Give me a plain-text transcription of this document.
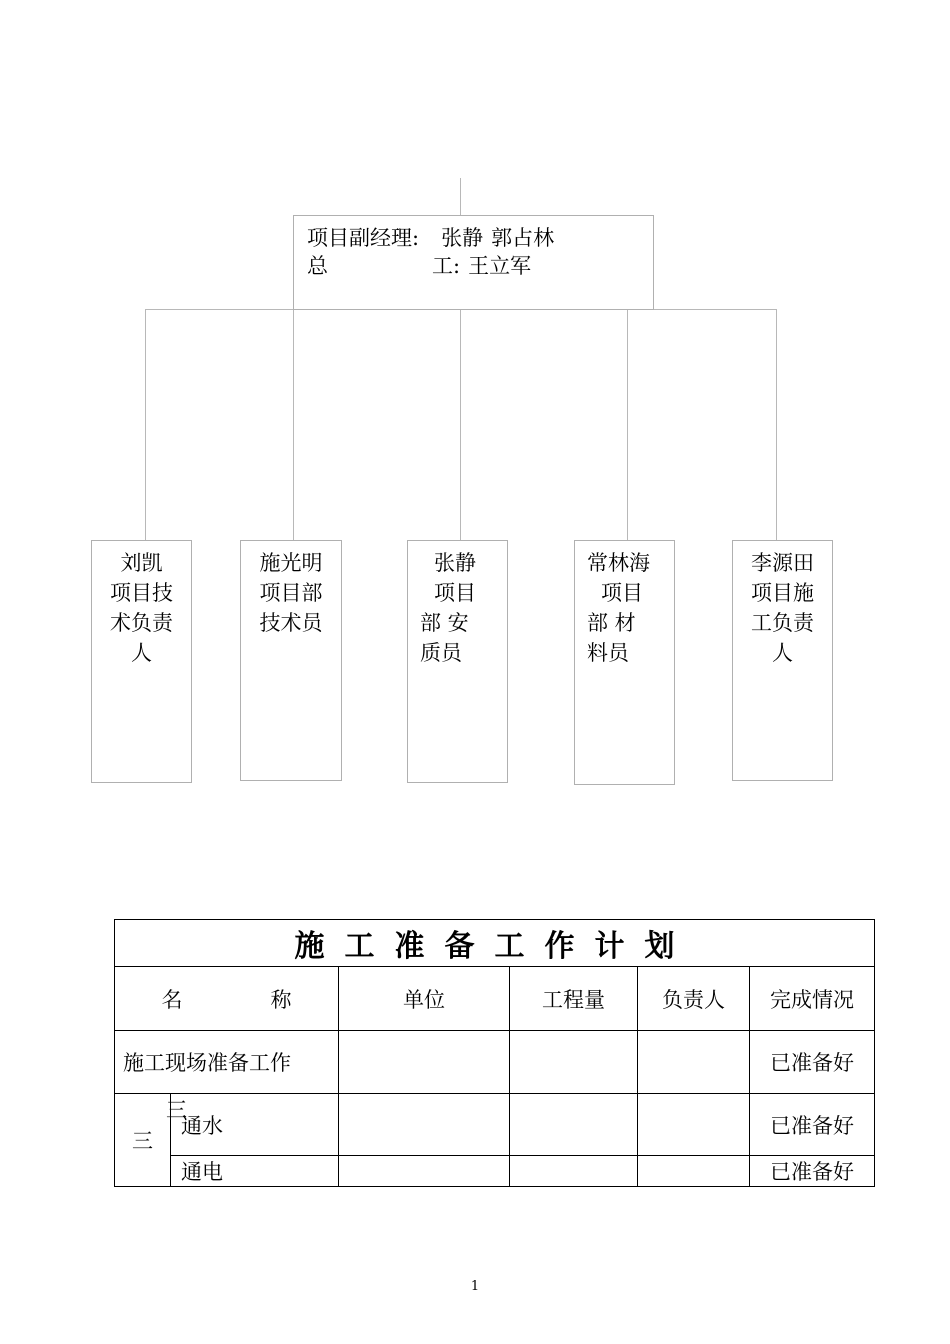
项目副经理: 张静 郭占林
总	工: 王立军
刘凯
项目技
术负责
人
施光明
项目部
技术员
张静
项目
部 安
质员
常林海
项目
部 材
料员
李源田
项目施
工负责
人
施工准备工作计划					
名 称		单位	工程量	负责人	完成情况
施工现场准备工作					已准备好
三	通水				已准备好
	通电				已准备好
三
1
